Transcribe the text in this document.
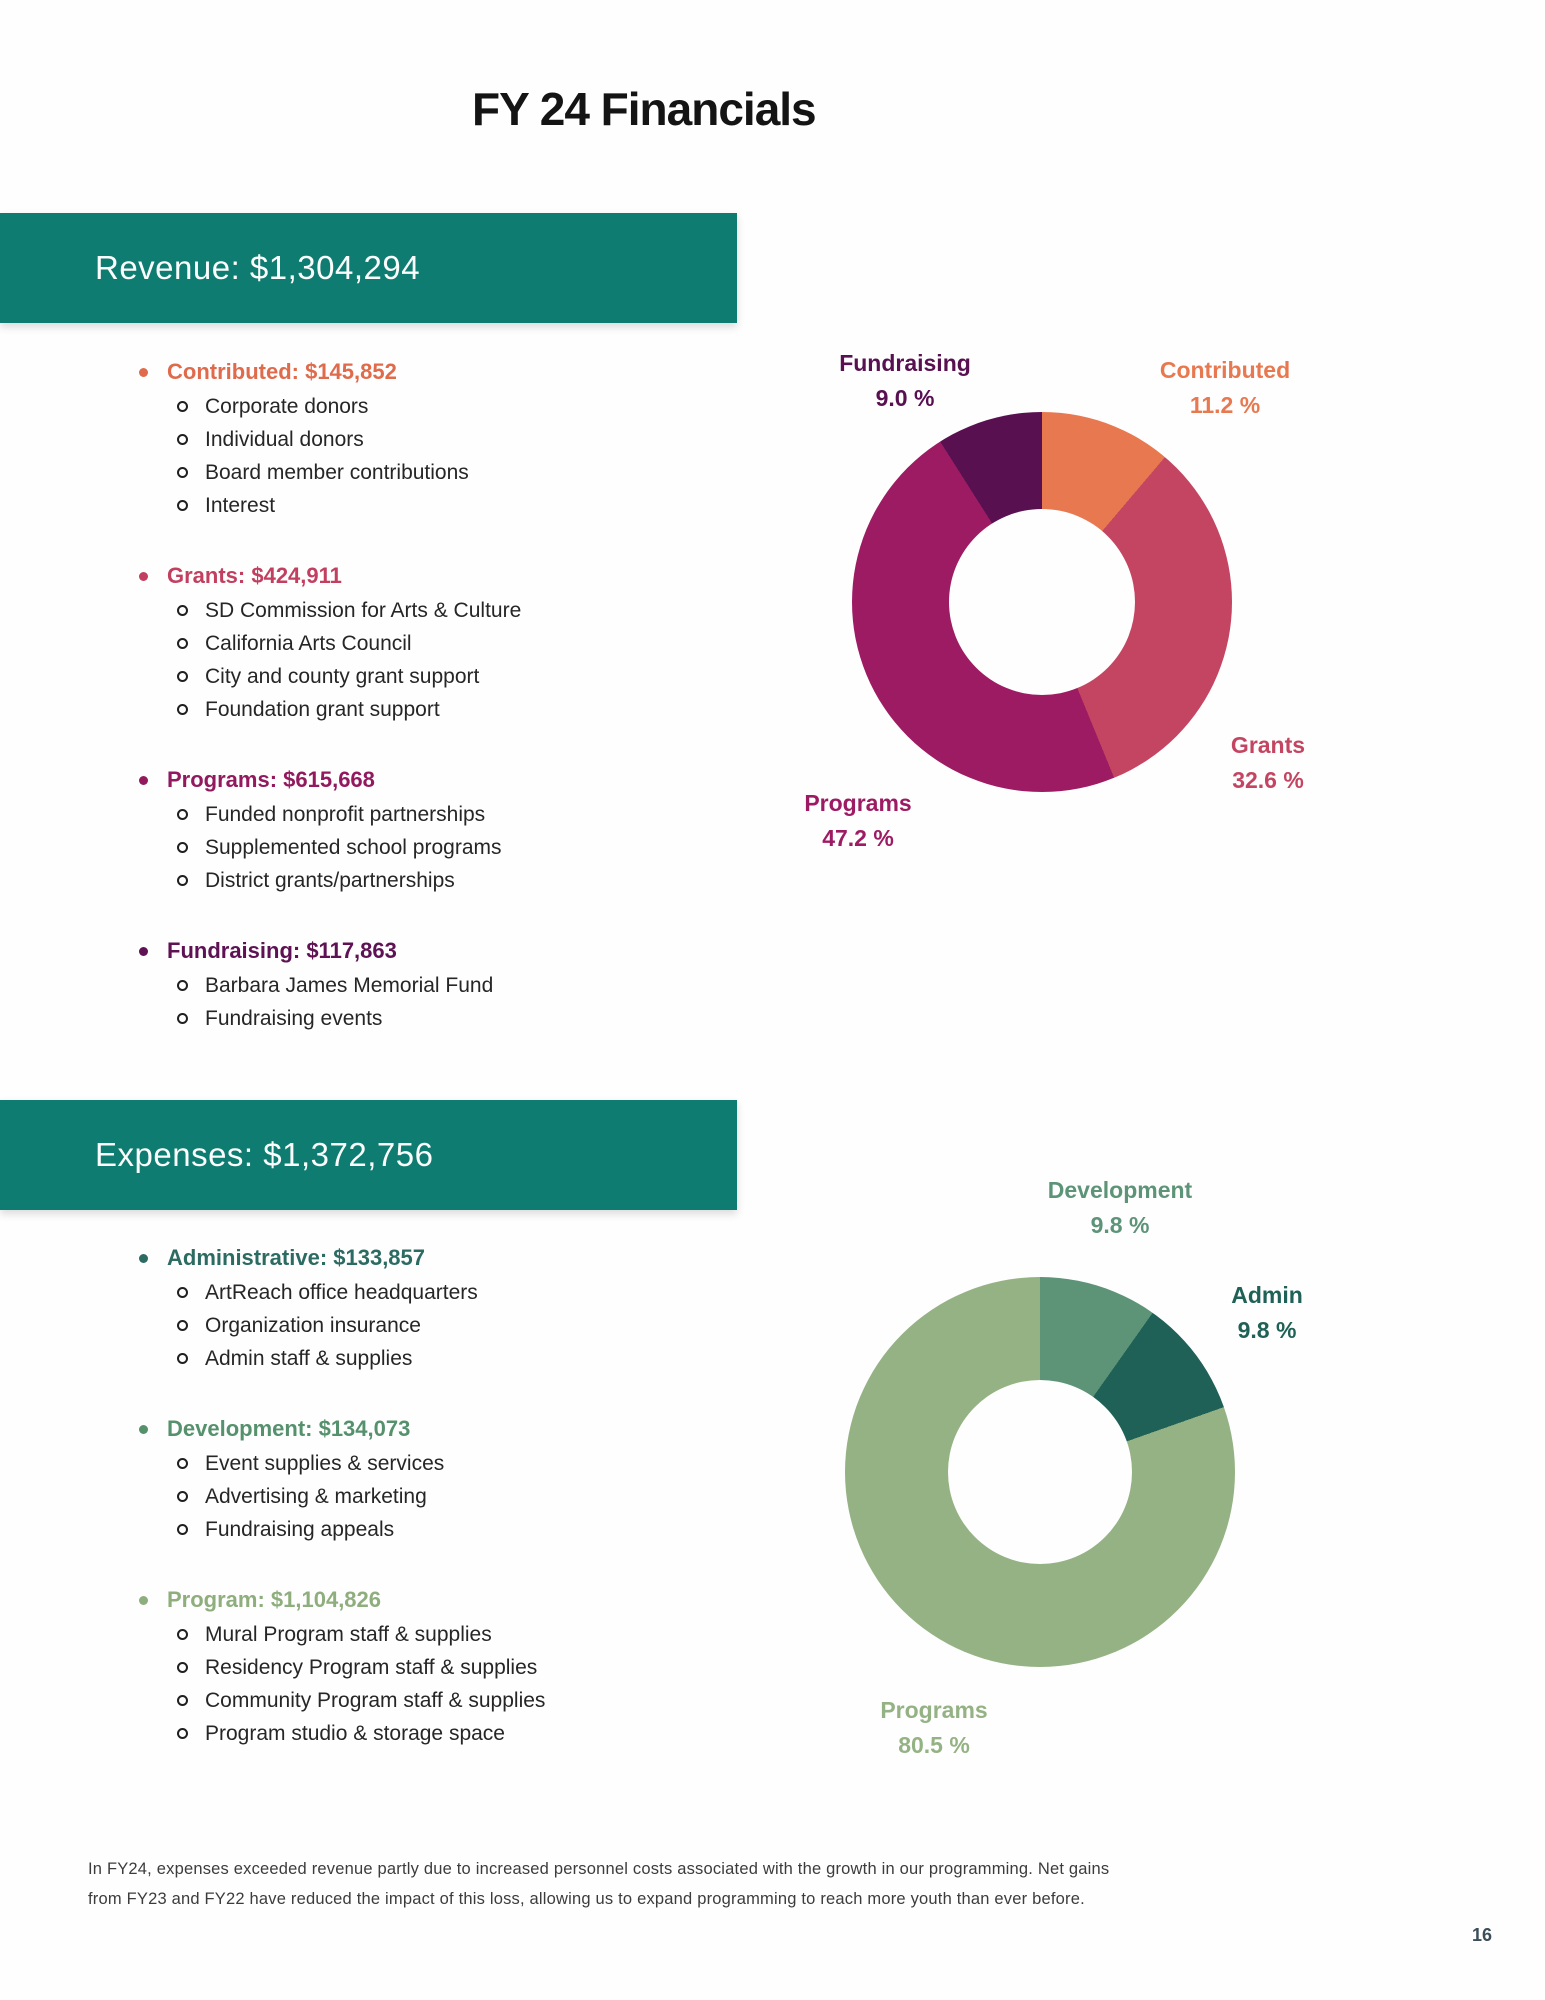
FY 24 Financials
Revenue: $1,304,294
Contributed: $145,852
Corporate donors
Individual donors
Board member contributions
Interest
Grants: $424,911
SD Commission for Arts & Culture
California Arts Council
City and county grant support
Foundation grant support
Programs: $615,668
Funded nonprofit partnerships
Supplemented school programs
District grants/partnerships
Fundraising: $117,863
Barbara James Memorial Fund
Fundraising events
Fundraising
9.0 %
Contributed
11.2 %
Grants
32.6 %
Programs
47.2 %
Expenses: $1,372,756
Administrative: $133,857
ArtReach office headquarters
Organization insurance
Admin staff & supplies
Development: $134,073
Event supplies & services
Advertising & marketing
Fundraising appeals
Program: $1,104,826
Mural Program staff & supplies
Residency Program staff & supplies
Community Program staff & supplies
Program studio & storage space
Development
9.8 %
Admin
9.8 %
Programs
80.5 %
In FY24, expenses exceeded revenue partly due to increased personnel costs associated with the growth in our programming. Net gains
from FY23 and FY22 have reduced the impact of this loss, allowing us to expand programming to reach more youth than ever before.
16
